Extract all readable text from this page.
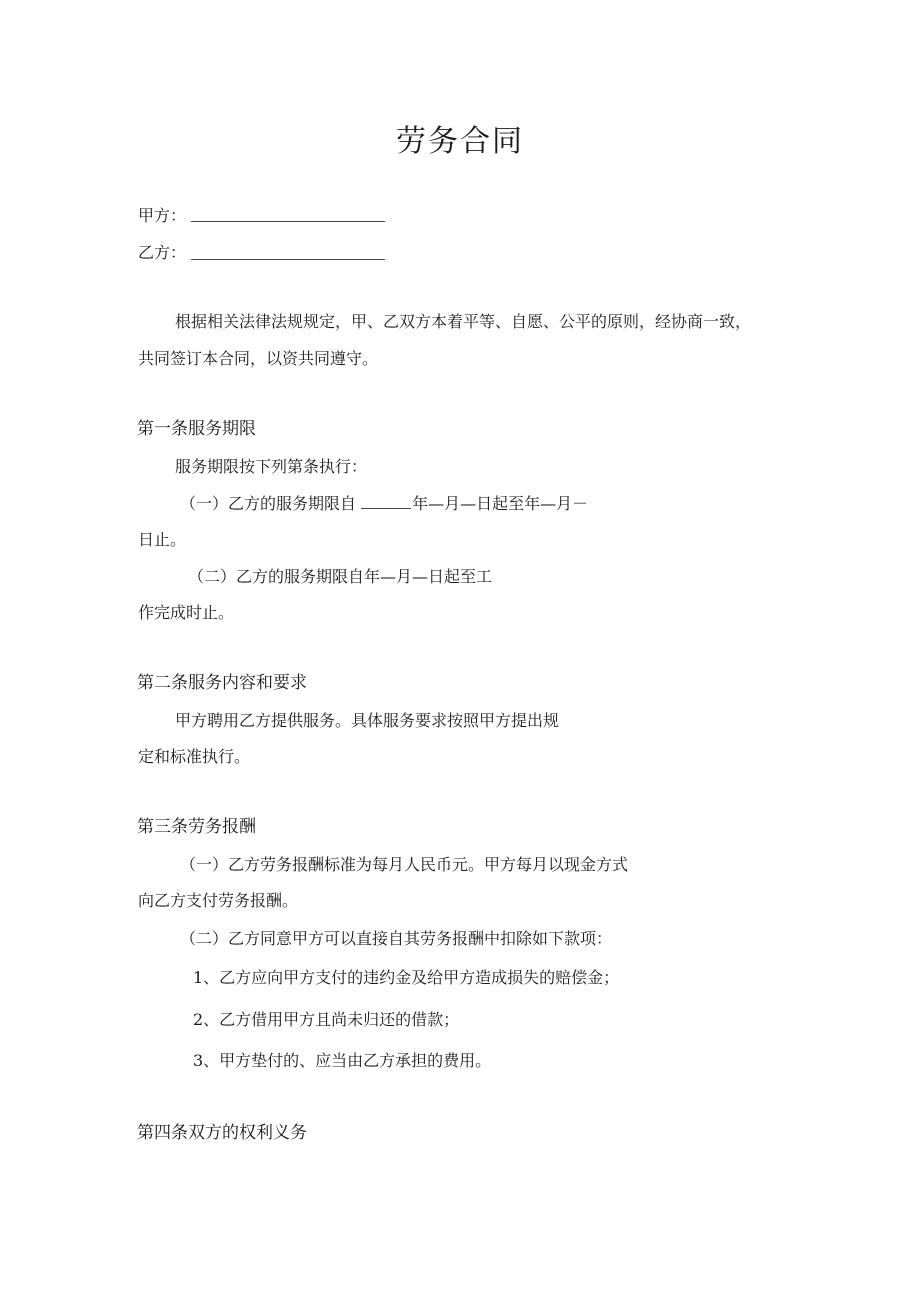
劳务合同
甲方：
乙方：
根据相关法律法规规定，甲、乙双方本着平等、自愿、公平的原则，经协商一致，
共同签订本合同，以资共同遵守。
第一条服务期限
服务期限按下列第条执行：
（一）乙方的服务期限自	年—月—日起至年—月－
日止。
（二）乙方的服务期限自年—月—日起至工
作完成时止。
第二条服务内容和要求
甲方聘用乙方提供服务。具体服务要求按照甲方提出规
定和标准执行。
第三条劳务报酬
（一）乙方劳务报酬标准为每月人民币元。甲方每月以现金方式
向乙方支付劳务报酬。
（二）乙方同意甲方可以直接自其劳务报酬中扣除如下款项：
1、乙方应向甲方支付的违约金及给甲方造成损失的赔偿金；
2、乙方借用甲方且尚未归还的借款；
3、甲方垫付的、应当由乙方承担的费用。
第四条双方的权利义务
